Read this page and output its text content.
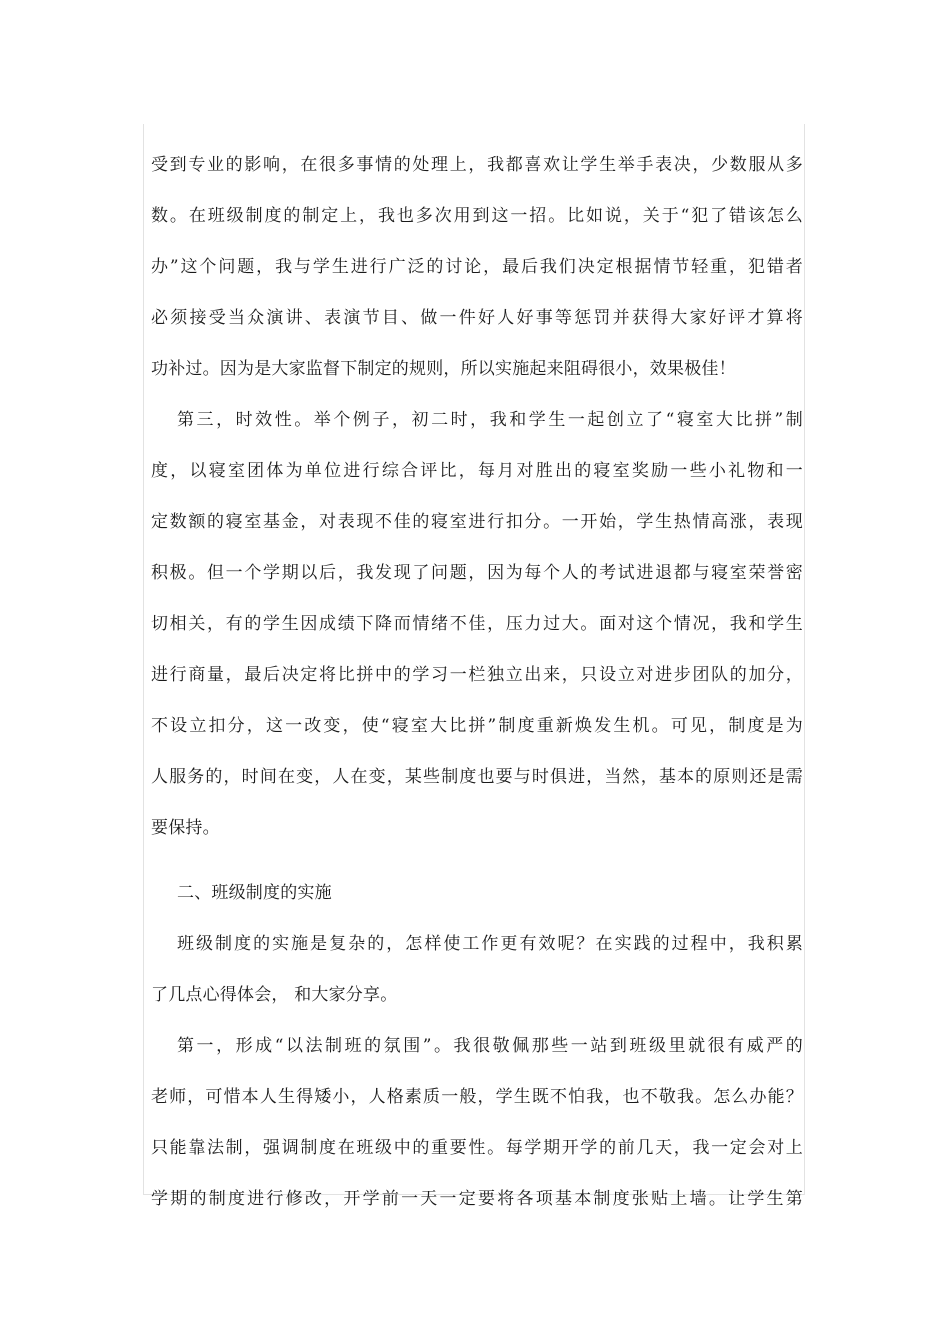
受到专业的影响，在很多事情的处理上，我都喜欢让学生举手表决，少数服从多
数。在班级制度的制定上，我也多次用到这一招。比如说，关于“犯了错该怎么
办”这个问题，我与学生进行广泛的讨论，最后我们决定根据情节轻重，犯错者
必须接受当众演讲、表演节目、做一件好人好事等惩罚并获得大家好评才算将
功补过。因为是大家监督下制定的规则，所以实施起来阻碍很小，效果极佳！
第三，时效性。举个例子，初二时，我和学生一起创立了“寝室大比拼”制
度，以寝室团体为单位进行综合评比，每月对胜出的寝室奖励一些小礼物和一
定数额的寝室基金，对表现不佳的寝室进行扣分。一开始，学生热情高涨，表现
积极。但一个学期以后，我发现了问题，因为每个人的考试进退都与寝室荣誉密
切相关，有的学生因成绩下降而情绪不佳，压力过大。面对这个情况，我和学生
进行商量，最后决定将比拼中的学习一栏独立出来，只设立对进步团队的加分，
不设立扣分，这一改变，使“寝室大比拼”制度重新焕发生机。可见，制度是为
人服务的，时间在变，人在变，某些制度也要与时俱进，当然，基本的原则还是需
要保持。
二、班级制度的实施
班级制度的实施是复杂的，怎样使工作更有效呢？在实践的过程中，我积累
了几点心得体会， 和大家分享。
第一，形成“以法制班的氛围”。我很敬佩那些一站到班级里就很有威严的
老师，可惜本人生得矮小，人格素质一般，学生既不怕我，也不敬我。怎么办能？
只能靠法制，强调制度在班级中的重要性。每学期开学的前几天，我一定会对上
学期的制度进行修改，开学前一天一定要将各项基本制度张贴上墙。让学生第
